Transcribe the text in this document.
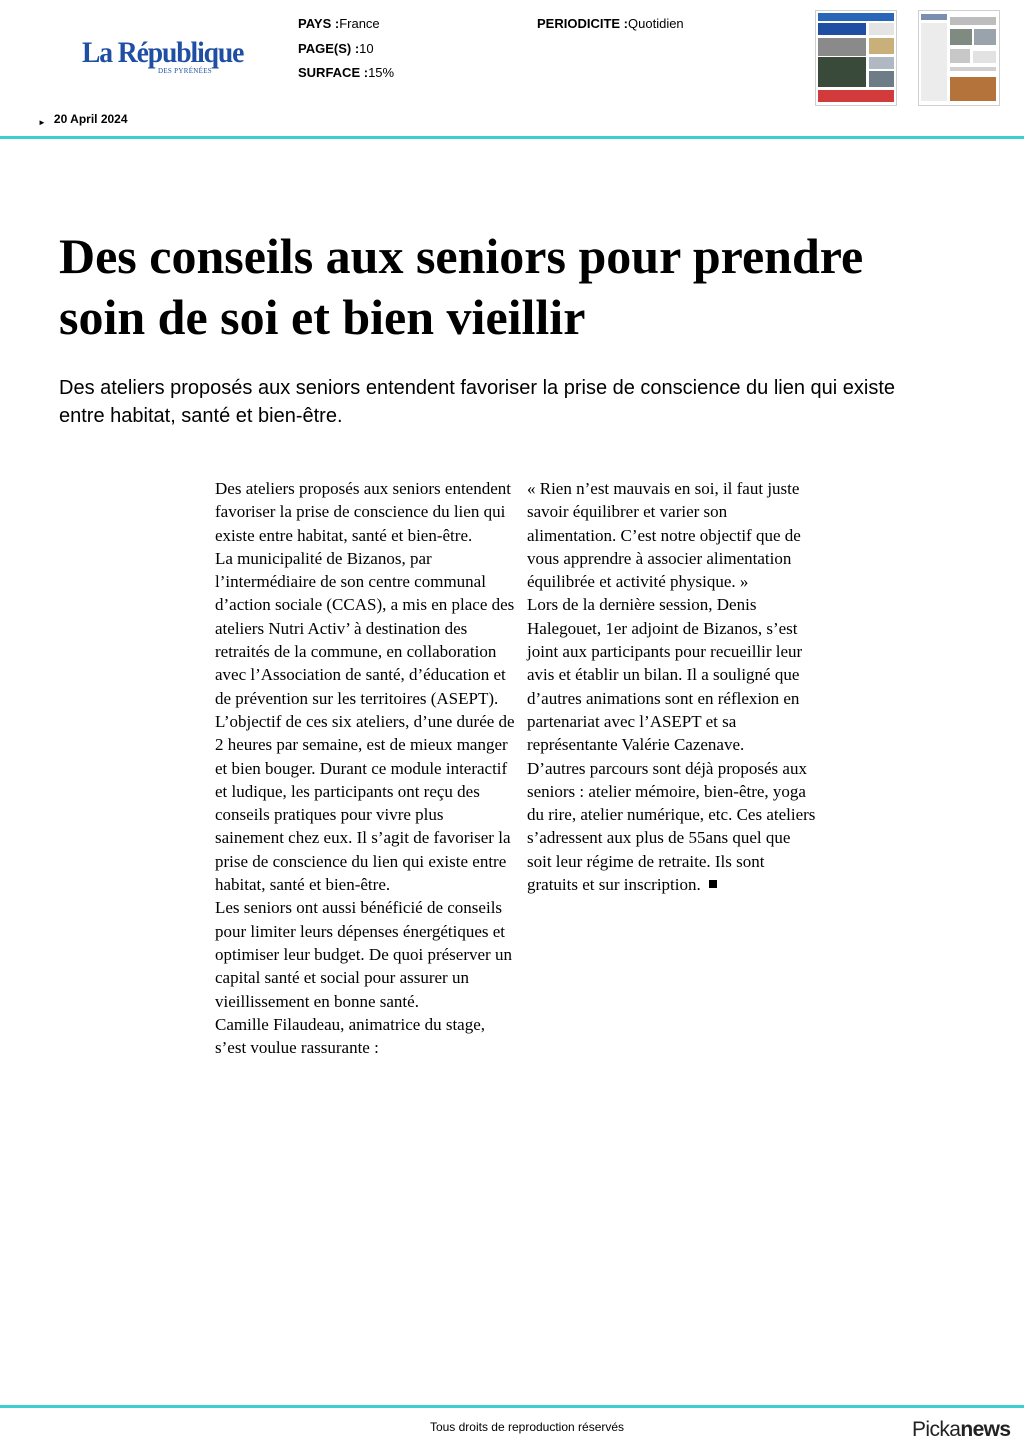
La République
DES PYRÉNÉES
PAYS :France
PAGE(S) :10
SURFACE :15%
PERIODICITE :Quotidien
► 20 April 2024
Des conseils aux seniors pour prendre soin de soi et bien vieillir

Des ateliers proposés aux seniors entendent favoriser la prise de conscience du lien qui existe entre habitat, santé et bien-être.

Des ateliers proposés aux seniors entendent favoriser la prise de conscience du lien qui existe entre habitat, santé et bien-être.

La municipalité de Bizanos, par l’intermédiaire de son centre communal d’action sociale (CCAS), a mis en place des ateliers Nutri Activ’ à destination des retraités de la commune, en collaboration avec l’Association de santé, d’éducation et de prévention sur les territoires (ASEPT).

L’objectif de ces six ateliers, d’une durée de 2 heures par semaine, est de mieux manger et bien bouger. Durant ce module interactif et ludique, les participants ont reçu des conseils pratiques pour vivre plus sainement chez eux. Il s’agit de favoriser la prise de conscience du lien qui existe entre habitat, santé et bien-être.

Les seniors ont aussi bénéficié de conseils pour limiter leurs dépenses énergétiques et optimiser leur budget. De quoi préserver un capital santé et social pour assurer un vieillissement en bonne santé.

Camille Filaudeau, animatrice du stage, s’est voulue rassurante :

« Rien n’est mauvais en soi, il faut juste savoir équilibrer et varier son alimentation. C’est notre objectif que de vous apprendre à associer alimentation équilibrée et activité physique. »

Lors de la dernière session, Denis Halegouet, 1er adjoint de Bizanos, s’est joint aux participants pour recueillir leur avis et établir un bilan. Il a souligné que d’autres animations sont en réflexion en partenariat avec l’ASEPT et sa représentante Valérie Cazenave.

D’autres parcours sont déjà proposés aux seniors : atelier mémoire, bien-être, yoga du rire, atelier numérique, etc. Ces ateliers s’adressent aux plus de 55ans quel que soit leur régime de retraite. Ils sont gratuits et sur inscription.

Tous droits de reproduction réservés	Pickanews
